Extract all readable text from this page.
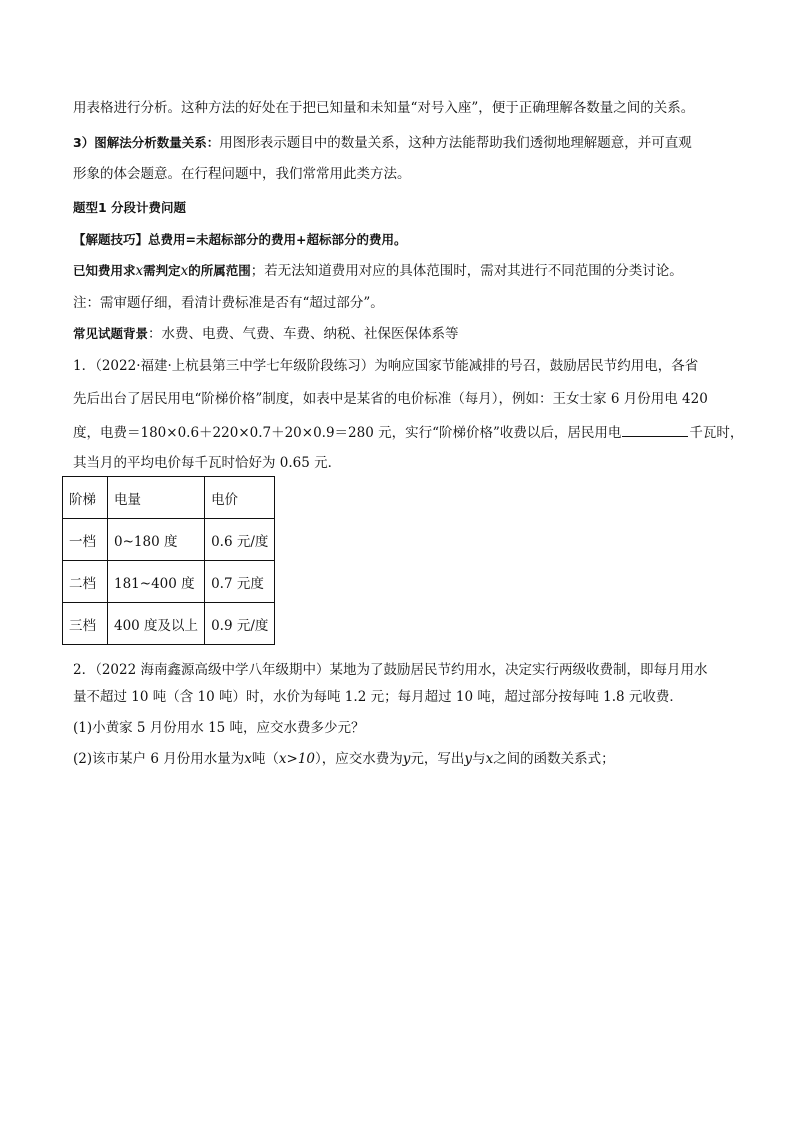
用表格进行分析。这种方法的好处在于把已知量和未知量“对号入座”，便于正确理解各数量之间的关系。
3）图解法分析数量关系：用图形表示题目中的数量关系，这种方法能帮助我们透彻地理解题意，并可直观
形象的体会题意。在行程问题中，我们常常用此类方法。
题型1 分段计费问题
【解题技巧】总费用=未超标部分的费用+超标部分的费用。
已知费用求x需判定x的所属范围；若无法知道费用对应的具体范围时，需对其进行不同范围的分类讨论。
注：需审题仔细，看清计费标准是否有“超过部分”。
常见试题背景：水费、电费、气费、车费、纳税、社保医保体系等
1．（2022·福建·上杭县第三中学七年级阶段练习）为响应国家节能减排的号召，鼓励居民节约用电，各省
先后出台了居民用电“阶梯价格”制度，如表中是某省的电价标准（每月），例如：王女士家 6 月份用电 420
度，电费＝180×0.6＋220×0.7＋20×0.9＝280 元，实行“阶梯价格”收费以后，居民用电	千瓦时，
其当月的平均电价每千瓦时恰好为 0.65 元．
阶梯	电量	电价
一档	0~180 度	0.6 元/度
二档	181~400 度	0.7 元度
三档	400 度及以上	0.9 元/度
2．（2022 海南鑫源高级中学八年级期中）某地为了鼓励居民节约用水，决定实行两级收费制，即每月用水
量不超过 10 吨（含 10 吨）时，水价为每吨 1.2 元；每月超过 10 吨，超过部分按每吨 1.8 元收费．
(1)小黄家 5 月份用水 15 吨，应交水费多少元？
(2)该市某户 6 月份用水量为x吨（x>10），应交水费为y元，写出y与x之间的函数关系式；
